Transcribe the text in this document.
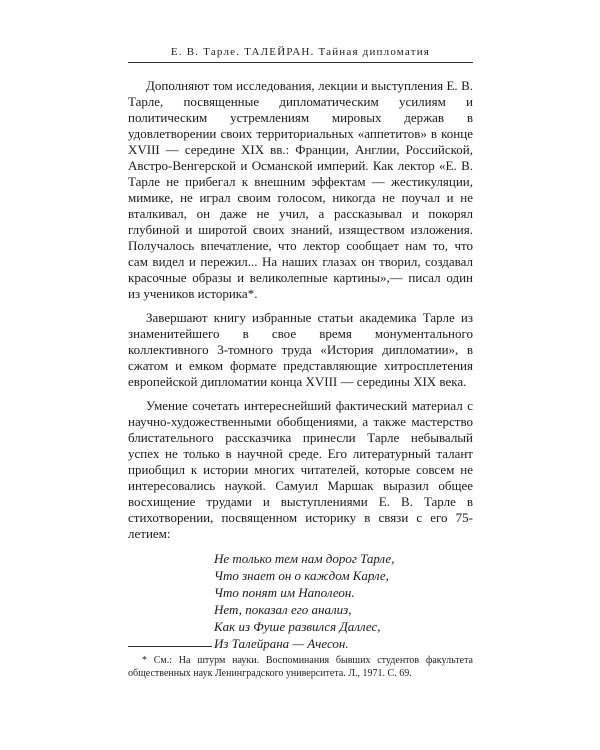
Е. В. Тарле. ТАЛЕЙРАН. Тайная дипломатия

Дополняют том исследования, лекции и выступления Е. В. Тарле, посвященные дипломатическим усилиям и политическим устремлениям мировых держав в удовлетворении своих территориальных «аппетитов» в конце XVIII — середине XIX вв.: Франции, Англии, Российской, Австро-Венгерской и Османской империй. Как лектор «Е. В. Тарле не прибегал к внешним эффектам — жестикуляции, мимике, не играл своим голосом, никогда не поучал и не вталкивал, он даже не учил, а рассказывал и покорял глубиной и широтой своих знаний, изяществом изложения. Получалось впечатление, что лектор сообщает нам то, что сам видел и пережил... На наших глазах он творил, создавал красочные образы и великолепные картины»,— писал один из учеников историка*.

Завершают книгу избранные статьи академика Тарле из знаменитейшего в свое время монументального коллективного 3-томного труда «История дипломатии», в сжатом и емком формате представляющие хитросплетения европейской дипломатии конца XVIII — середины XIX века.

Умение сочетать интереснейший фактический материал с научно-художественными обобщениями, а также мастерство блистательного рассказчика принесли Тарле небывалый успех не только в научной среде. Его литературный талант приобщил к истории многих читателей, которые совсем не интересовались наукой. Самуил Маршак выразил общее восхищение трудами и выступлениями Е. В. Тарле в стихотворении, посвященном историку в связи с его 75-летием:

Не только тем нам дорог Тарле,
Что знает он о каждом Карле,
Что понят им Наполеон.
Нет, показал его анализ,
Как из Фуше развился Даллес,
Из Талейрана — Ачесон.
* См.: На штурм науки. Воспоминания бывших студентов факультета общественных наук Ленинградского университета. Л., 1971. С. 69.
